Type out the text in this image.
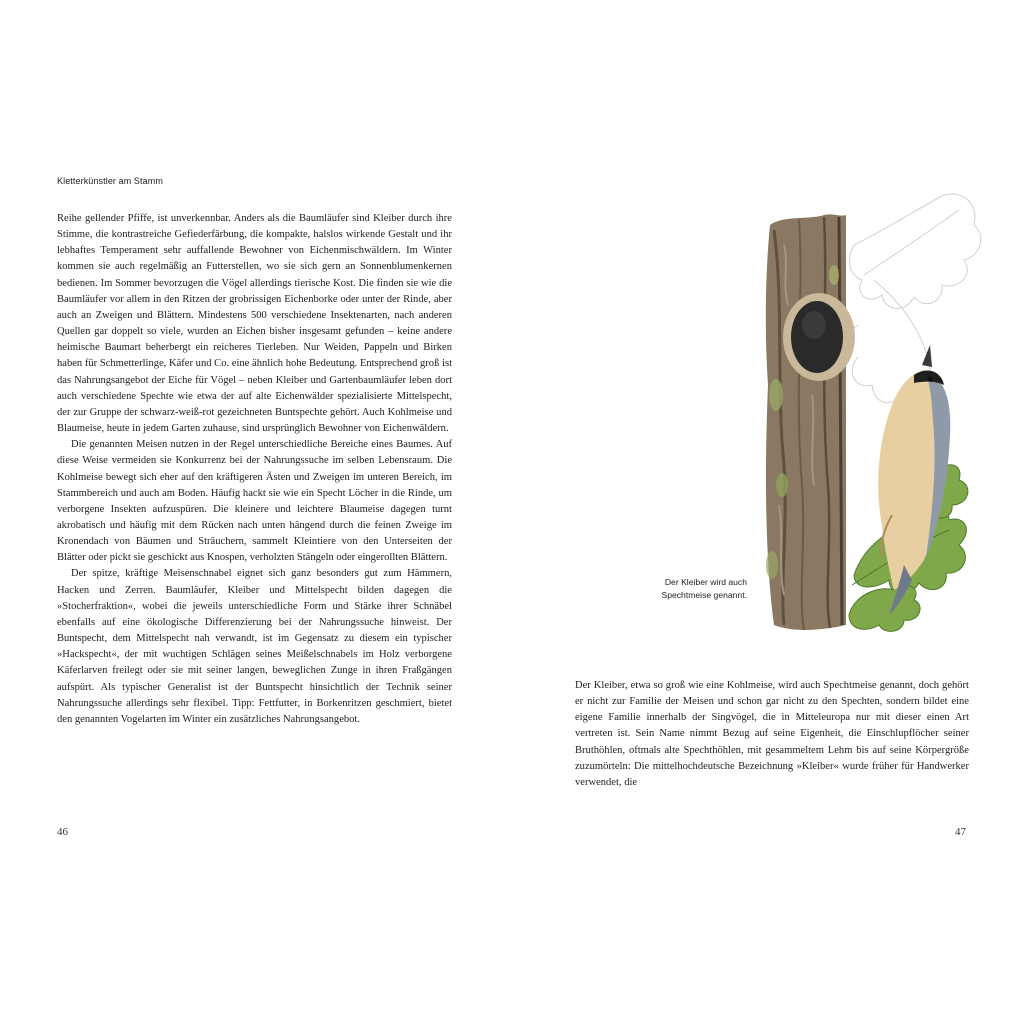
Kletterkünstler am Stamm

Reihe gellender Pfiffe, ist unverkennbar. Anders als die Baumläufer sind Kleiber durch ihre Stimme, die kontrastreiche Gefiederfärbung, die kompakte, halslos wirkende Gestalt und ihr lebhaftes Temperament sehr auffallende Bewohner von Eichenmischwäldern. Im Winter kommen sie auch regelmäßig an Futterstellen, wo sie sich gern an Sonnenblumenkernen bedienen. Im Sommer bevorzugen die Vögel allerdings tierische Kost. Die finden sie wie die Baumläufer vor allem in den Ritzen der grobrissigen Eichenborke oder unter der Rinde, aber auch an Zweigen und Blättern. Mindestens 500 verschiedene Insektenarten, nach anderen Quellen gar doppelt so viele, wurden an Eichen bisher insgesamt gefunden – keine andere heimische Baumart beherbergt ein reicheres Tierleben. Nur Weiden, Pappeln und Birken haben für Schmetterlinge, Käfer und Co. eine ähnlich hohe Bedeutung. Entsprechend groß ist das Nahrungsangebot der Eiche für Vögel – neben Kleiber und Gartenbaumläufer leben dort auch verschiedene Spechte wie etwa der auf alte Eichenwälder spezialisierte Mittelspecht, der zur Gruppe der schwarz-weiß-rot gezeichneten Buntspechte gehört. Auch Kohlmeise und Blaumeise, heute in jedem Garten zuhause, sind ursprünglich Bewohner von Eichenwäldern.

Die genannten Meisen nutzen in der Regel unterschiedliche Bereiche eines Baumes. Auf diese Weise vermeiden sie Konkurrenz bei der Nahrungssuche im selben Lebensraum. Die Kohlmeise bewegt sich eher auf den kräftigeren Ästen und Zweigen im unteren Bereich, im Stammbereich und auch am Boden. Häufig hackt sie wie ein Specht Löcher in die Rinde, um verborgene Insekten aufzuspüren. Die kleinere und leichtere Blaumeise dagegen turnt akrobatisch und häufig mit dem Rücken nach unten hängend durch die feinen Zweige im Kronendach von Bäumen und Sträuchern, sammelt Kleintiere von den Unterseiten der Blätter oder pickt sie geschickt aus Knospen, verholzten Stängeln oder eingerollten Blättern.

Der spitze, kräftige Meisenschnabel eignet sich ganz besonders gut zum Hämmern, Hacken und Zerren. Baumläufer, Kleiber und Mittelspecht bilden dagegen die »Stocherfraktion«, wobei die jeweils unterschiedliche Form und Stärke ihrer Schnäbel ebenfalls auf eine ökologische Differenzierung bei der Nahrungssuche hinweist. Der Buntspecht, dem Mittelspecht nah verwandt, ist im Gegensatz zu diesem ein typischer »Hackspecht«, der mit wuchtigen Schlägen seines Meißelschnabels im Holz verborgene Käferlarven freilegt oder sie mit seiner langen, beweglichen Zunge in ihren Fraßgängen aufspürt. Als typischer Generalist ist der Buntspecht hinsichtlich der Technik seiner Nahrungssuche allerdings sehr flexibel. Tipp: Fettfutter, in Borkenritzen geschmiert, bietet den genannten Vogelarten im Winter ein zusätzliches Nahrungsangebot.

46
Der Kleiber wird auch
Spechtmeise genannt.

Der Kleiber, etwa so groß wie eine Kohlmeise, wird auch Spechtmeise genannt, doch gehört er nicht zur Familie der Meisen und schon gar nicht zu den Spechten, sondern bildet eine eigene Familie innerhalb der Singvögel, die in Mitteleuropa nur mit dieser einen Art vertreten ist. Sein Name nimmt Bezug auf seine Eigenheit, die Einschlupflöcher seiner Bruthöhlen, oftmals alte Spechthöhlen, mit gesammeltem Lehm bis auf seine Körpergröße zuzumörteln: Die mittelhochdeutsche Bezeichnung »Kleiber« wurde früher für Handwerker verwendet, die

47
